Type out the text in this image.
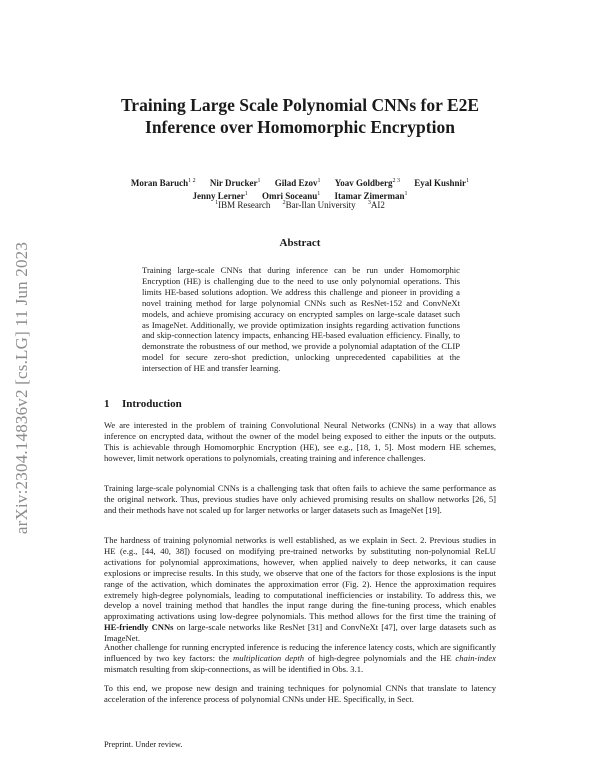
arXiv:2304.14836v2 [cs.LG] 11 Jun 2023
Training Large Scale Polynomial CNNs for E2E
Inference over Homomorphic Encryption
Moran Baruch$^{1 2}$ Nir Drucker$^1$ Gilad Ezov$^1$ Yoav Goldberg$^{2 3}$ Eyal Kushnir$^1$
Jenny Lerner$^1$ Omri Soceanu$^1$ Itamar Zimerman$^1$
$^1$IBM Research $^2$Bar-Ilan University $^3$AI2
Abstract

Training large-scale CNNs that during inference can be run under Homomorphic Encryption (HE) is challenging due to the need to use only polynomial operations. This limits HE-based solutions adoption. We address this challenge and pioneer in providing a novel training method for large polynomial CNNs such as ResNet-152 and ConvNeXt models, and achieve promising accuracy on encrypted samples on large-scale dataset such as ImageNet. Additionally, we provide optimization insights regarding activation functions and skip-connection latency impacts, enhancing HE-based evaluation efficiency. Finally, to demonstrate the robustness of our method, we provide a polynomial adaptation of the CLIP model for secure zero-shot prediction, unlocking unprecedented capabilities at the intersection of HE and transfer learning.

1 Introduction

We are interested in the problem of training Convolutional Neural Networks (CNNs) in a way that allows inference on encrypted data, without the owner of the model being exposed to either the inputs or the outputs. This is achievable through Homomorphic Encryption (HE), see e.g., [18, 1, 5]. Most modern HE schemes, however, limit network operations to polynomials, creating training and inference challenges.

Training large-scale polynomial CNNs is a challenging task that often fails to achieve the same performance as the original network. Thus, previous studies have only achieved promising results on shallow networks [26, 5] and their methods have not scaled up for larger networks or larger datasets such as ImageNet [19].

The hardness of training polynomial networks is well established, as we explain in Sect. 2. Previous studies in HE (e.g., [44, 40, 38]) focused on modifying pre-trained networks by substituting non-polynomial ReLU activations for polynomial approximations, however, when applied naively to deep networks, it can cause explosions or imprecise results. In this study, we observe that one of the factors for those explosions is the input range of the activation, which dominates the approximation error (Fig. 2). Hence the approximation requires extremely high-degree polynomials, leading to computational inefficiencies or instability. To address this, we develop a novel training method that handles the input range during the fine-tuning process, which enables approximating activations using low-degree polynomials. This method allows for the first time the training of HE-friendly CNNs on large-scale networks like ResNet [31] and ConvNeXt [47], over large datasets such as ImageNet.

Another challenge for running encrypted inference is reducing the inference latency costs, which are significantly influenced by two key factors: the multiplication depth of high-degree polynomials and the HE chain-index mismatch resulting from skip-connections, as will be identified in Obs. 3.1.

To this end, we propose new design and training techniques for polynomial CNNs that translate to latency acceleration of the inference process of polynomial CNNs under HE. Specifically, in Sect.

Preprint. Under review.
